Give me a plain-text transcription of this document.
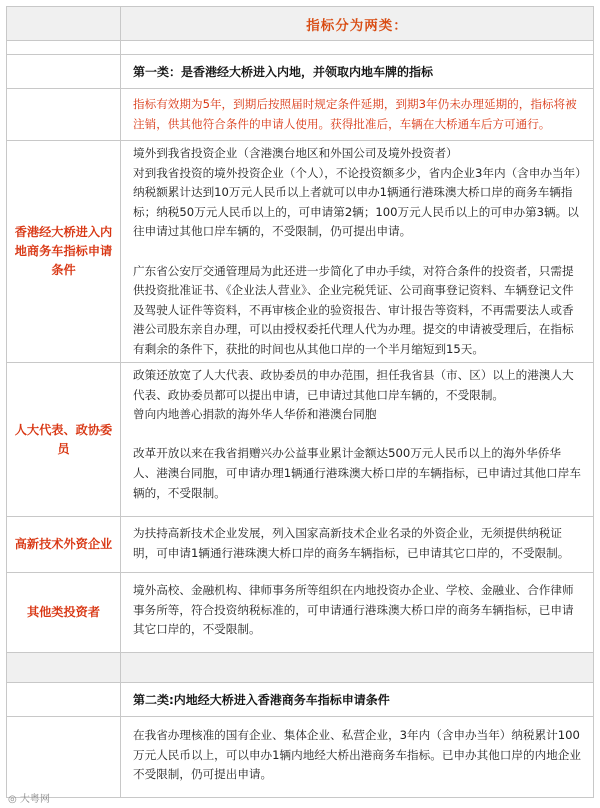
指标分为两类：
第一类：是香港经大桥进入内地，并领取内地车牌的指标

指标有效期为5年，到期后按照届时规定条件延期，到期3年仍未办理延期的，指标将被注销，供其他符合条件的申请人使用。获得批准后，车辆在大桥通车后方可通行。

香港经大桥进入内地商务车指标申请条件

境外到我省投资企业（含港澳台地区和外国公司及境外投资者）

对到我省投资的境外投资企业（个人），不论投资额多少，省内企业3年内（含申办当年）纳税额累计达到10万元人民币以上者就可以申办1辆通行港珠澳大桥口岸的商务车辆指标；纳税50万元人民币以上的，可申请第2辆；100万元人民币以上的可申办第3辆。以往申请过其他口岸车辆的，不受限制，仍可提出申请。

广东省公安厅交通管理局为此还进一步简化了申办手续，对符合条件的投资者，只需提供投资批准证书、《企业法人营业》、企业完税凭证、公司商事登记资料、车辆登记文件及驾驶人证件等资料，不再审核企业的验资报告、审计报告等资料，不再需要法人或香港公司股东亲自办理，可以由授权委托代理人代为办理。提交的申请被受理后，在指标有剩余的条件下，获批的时间也从其他口岸的一个半月缩短到15天。

人大代表、政协委员

政策还放宽了人大代表、政协委员的申办范围，担任我省县（市、区）以上的港澳人大代表、政协委员都可以提出申请，已申请过其他口岸车辆的，不受限制。

曾向内地善心捐款的海外华人华侨和港澳台同胞

改革开放以来在我省捐赠兴办公益事业累计金额达500万元人民币以上的海外华侨华人、港澳台同胞，可申请办理1辆通行港珠澳大桥口岸的车辆指标，已申请过其他口岸车辆的，不受限制。

高新技术外资企业

为扶持高新技术企业发展，列入国家高新技术企业名录的外资企业，无须提供纳税证明，可申请1辆通行港珠澳大桥口岸的商务车辆指标，已申请其它口岸的，不受限制。

其他类投资者

境外高校、金融机构、律师事务所等组织在内地投资办企业、学校、金融业、合作律师事务所等，符合投资纳税标准的，可申请通行港珠澳大桥口岸的商务车辆指标，已申请其它口岸的，不受限制。

第二类:内地经大桥进入香港商务车指标申请条件

在我省办理核准的国有企业、集体企业、私营企业，3年内（含申办当年）纳税累计100万元人民币以上，可以申办1辆内地经大桥出港商务车指标。已申办其他口岸的内地企业不受限制，仍可提出申请。

◎ 大粤网
